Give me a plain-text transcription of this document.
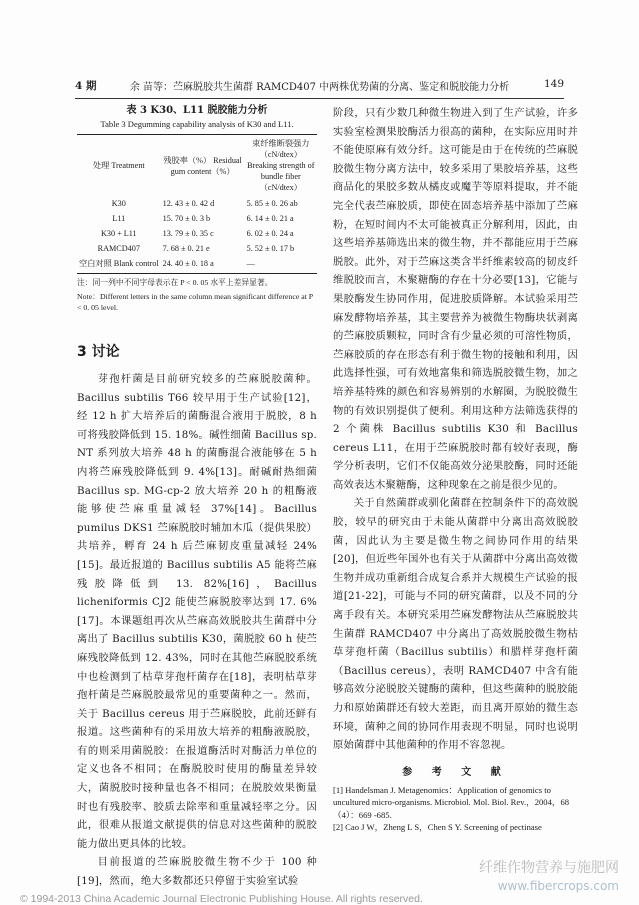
4 期	余 苗等：苎麻脱胶共生菌群 RAMCD407 中两株优势菌的分离、鉴定和脱胶能力分析	149
表 3 K30、L11 脱胶能力分析
Table 3 Degumming capability analysis of K30 and L11.
处理 Treatment	残胶率（%） Residual gum content（%）	束纤维断裂强力（cN/dtex） Breaking strength of bundle fiber（cN/dtex）
K30	12. 43 ± 0. 42 d	5. 85 ± 0. 26 ab
L11	15. 70 ± 0. 3 b	6. 14 ± 0. 21 a
K30 + L11	13. 79 ± 0. 35 c	6. 02 ± 0. 24 a
RAMCD407	7. 68 ± 0. 21 e	5. 52 ± 0. 17 b
空白对照 Blank control	24. 40 ± 0. 18 a	—
注：同一列中不同字母表示在 P < 0. 05 水平上差异显著。
Note：Different letters in the same column mean significant difference at P < 0. 05 level.
3 讨论

芽孢杆菌是目前研究较多的苎麻脱胶菌种。Bacillus subtilis T66 较早用于生产试验[12]，经 12 h 扩大培养后的菌酶混合液用于脱胶，8 h 可将残胶降低到 15. 18%。碱性细菌 Bacillus sp. NT 系列放大培养 48 h 的菌酶混合液能够在 5 h 内将苎麻残胶降低到 9. 4%[13]。耐碱耐热细菌 Bacillus sp. MG-cp-2 放大培养 20 h 的粗酶液能够使苎麻重量减轻 37%[14]。Bacillus pumilus DKS1 苎麻脱胶时辅加木瓜（提供果胶）共培养，孵育 24 h 后苎麻韧皮重量减轻 24%[15]。最近报道的 Bacillus subtilis A5 能将苎麻残胶降低到 13. 82%[16]，Bacillus licheniformis CJ2 能使苎麻脱胶率达到 17. 6%[17]。本课题组再次从苎麻高效脱胶共生菌群中分离出了 Bacillus subtilis K30，菌脱胶 60 h 使苎麻残胶降低到 12. 43%，同时在其他苎麻脱胶系统中也检测到了枯草芽孢杆菌存在[18]，表明枯草芽孢杆菌是苎麻脱胶最常见的重要菌种之一。然而，关于 Bacillus cereus 用于苎麻脱胶，此前还鲜有报道。这些菌种有的采用放大培养的粗酶液脱胶，有的则采用菌脱胶：在报道酶活时对酶活力单位的定义也各不相同；在酶脱胶时使用的酶量差异较大，菌脱胶时接种量也各不相同；在脱胶效果衡量时也有残胶率、胶质去除率和重量减轻率之分。因此，很难从报道文献提供的信息对这些菌种的脱胶能力做出更具体的比较。

目前报道的苎麻脱胶微生物不少于 100 种[19]，然而，绝大多数都还只停留于实验室试验

阶段，只有少数几种微生物进入到了生产试验，许多实验室检测果胶酶活力很高的菌种，在实际应用时并不能使原麻有效分纤。这可能是由于在传统的苎麻脱胶微生物分离方法中，较多采用了果胶培养基，这些商品化的果胶多数从橘皮或魔芋等原料提取，并不能完全代表苎麻胶质，即使在固态培养基中添加了苎麻粉，在短时间内不太可能被真正分解利用，因此，由这些培养基筛选出来的微生物，并不都能应用于苎麻脱胶。此外，对于苎麻这类含半纤维素较高的韧皮纤维脱胶而言，木聚糖酶的存在十分必要[13]，它能与果胶酶发生协同作用，促进胶质降解。本试验采用苎麻发酵物培养基，其主要营养为被微生物酶块状剥离的苎麻胶质颗粒，同时含有少量必须的可溶性物质，苎麻胶质的存在形态有利于微生物的接触和利用，因此选择性强，可有效地富集和筛选脱胶微生物，加之培养基特殊的颜色和容易辨别的水解圈，为脱胶微生物的有效识别提供了便利。利用这种方法筛选获得的 2 个菌株 Bacillus subtilis K30 和 Bacillus cereus L11，在用于苎麻脱胶时都有较好表现，酶学分析表明，它们不仅能高效分泌果胶酶，同时还能高效表达木聚糖酶，这种现象在之前是很少见的。

关于自然菌群或驯化菌群在控制条件下的高效脱胶，较早的研究由于未能从菌群中分离出高效脱胶菌，因此认为主要是微生物之间协同作用的结果[20]，但近些年国外也有关于从菌群中分离出高效微生物并成功重新组合成复合系并大规模生产试验的报道[21-22]，可能与不同的研究菌群，以及不同的分离手段有关。本研究采用苎麻发酵物法从苎麻脱胶共生菌群 RAMCD407 中分离出了高效脱胶微生物枯草芽孢杆菌（Bacillus subtilis）和腊样芽孢杆菌（Bacillus cereus），表明 RAMCD407 中含有能够高效分泌脱胶关键酶的菌种，但这些菌种的脱胶能力和原始菌群还有较大差距，而且离开原始的微生态环境，菌种之间的协同作用表现不明显，同时也说明原始菌群中其他菌种的作用不容忽视。

参 考 文 献

[1] Handelsman J. Metagenomics：Application of genomics to uncultured micro-organisms. Microbiol. Mol. Biol. Rev.，2004，68（4）：669 -685.

[2] Cao J W，Zheng L S，Chen S Y. Screening of pectinase

© 1994-2013 China Academic Journal Electronic Publishing House. All rights reserved.
纤维作物营养与施肥网
www.fibercrops.com
